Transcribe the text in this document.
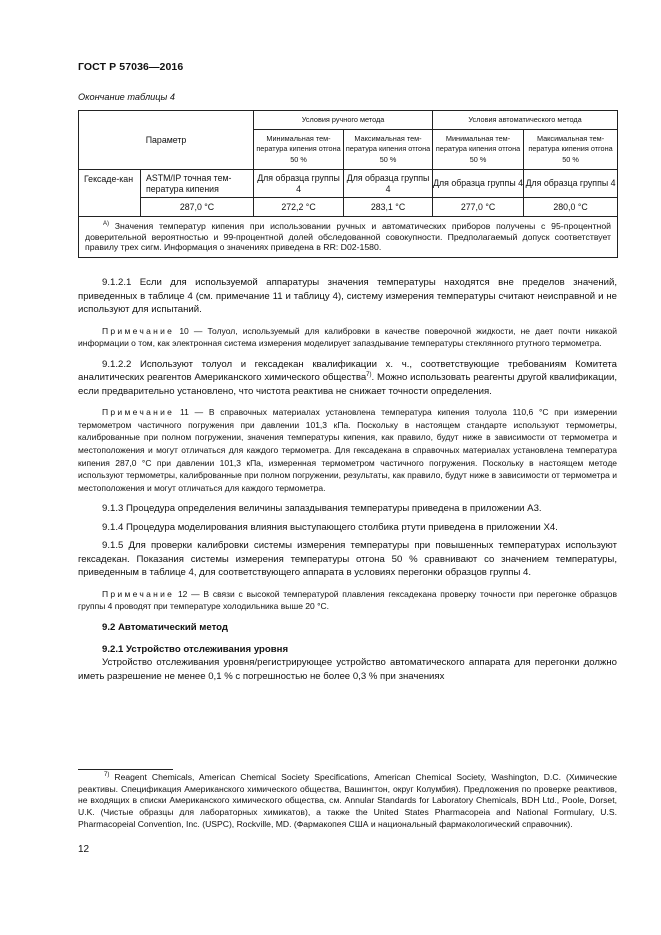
ГОСТ Р 57036—2016
Окончание таблицы 4
Параметр		Условия ручного метода		Условия автоматического метода	
		Минимальная тем-пература кипения отгона 50 %	Максимальная тем-пература кипения отгона 50 %	Минимальная тем-пература кипения отгона 50 %	Максимальная тем-пература кипения отгона 50 %
Гексаде-кан	ASTM/IP точная тем-пература кипения	Для образца группы 4	Для образца группы 4	Для образца группы 4	Для образца группы 4
	287,0 °С	272,2 °С	283,1 °С	277,0 °С	280,0 °С
$^{A)}$ Значения температур кипения при использовании ручных и автоматических приборов получены с 95-процентной доверительной вероятностью и 99-процентной долей обследованной совокупности. Предполагаемый допуск соответствует правилу трех сигм. Информация о значениях приведена в RR: D02-1580.					

9.1.2.1 Если для используемой аппаратуры значения температуры находятся вне пределов значений, приведенных в таблице 4 (см. примечание 11 и таблицу 4), систему измерения температуры считают неисправной и не используют для испытаний.

Примечание 10 — Толуол, используемый для калибровки в качестве поверочной жидкости, не дает почти никакой информации о том, как электронная система измерения моделирует запаздывание температуры стеклянного ртутного термометра.

9.1.2.2 Используют толуол и гексадекан квалификации х. ч., соответствующие требованиям Комитета аналитических реагентов Американского химического общества$^{7)}$. Можно использовать реагенты другой квалификации, если предварительно установлено, что чистота реактива не снижает точности определения.

Примечание 11 — В справочных материалах установлена температура кипения толуола 110,6 °С при измерении термометром частичного погружения при давлении 101,3 кПа. Поскольку в настоящем стандарте используют термометры, калиброванные при полном погружении, значения температуры кипения, как правило, будут ниже в зависимости от термометра и местоположения и могут отличаться для каждого термометра. Для гексадекана в справочных материалах установлена температура кипения 287,0 °С при давлении 101,3 кПа, измеренная термометром частичного погружения. Поскольку в настоящем методе используют термометры, калиброванные при полном погружении, результаты, как правило, будут ниже в зависимости от термометра и местоположения и могут отличаться для каждого термометра.

9.1.3 Процедура определения величины запаздывания температуры приведена в приложении А3.

9.1.4 Процедура моделирования влияния выступающего столбика ртути приведена в приложении Х4.

9.1.5 Для проверки калибровки системы измерения температуры при повышенных температурах используют гексадекан. Показания системы измерения температуры отгона 50 % сравнивают со значением температуры, приведенным в таблице 4, для соответствующего аппарата в условиях перегонки образцов группы 4.

Примечание 12 — В связи с высокой температурой плавления гексадекана проверку точности при перегонке образцов группы 4 проводят при температуре холодильника выше 20 °С.

9.2 Автоматический метод

9.2.1 Устройство отслеживания уровня

Устройство отслеживания уровня/регистрирующее устройство автоматического аппарата для перегонки должно иметь разрешение не менее 0,1 % с погрешностью не более 0,3 % при значениях

$^{7)}$ Reagent Chemicals, American Chemical Society Specifications, American Chemical Society, Washington, D.C. (Химические реактивы. Спецификация Американского химического общества, Вашингтон, округ Колумбия). Предложения по проверке реактивов, не входящих в списки Американского химического общества, см. Annular Standards for Laboratory Chemicals, BDH Ltd., Poole, Dorset, U.K. (Чистые образцы для лабораторных химикатов), а также the United States Pharmacopeia and National Formulary, U.S. Pharmacopeial Convention, Inc. (USPC), Rockville, MD. (Фармакопея США и национальный фармакологический справочник).
12
